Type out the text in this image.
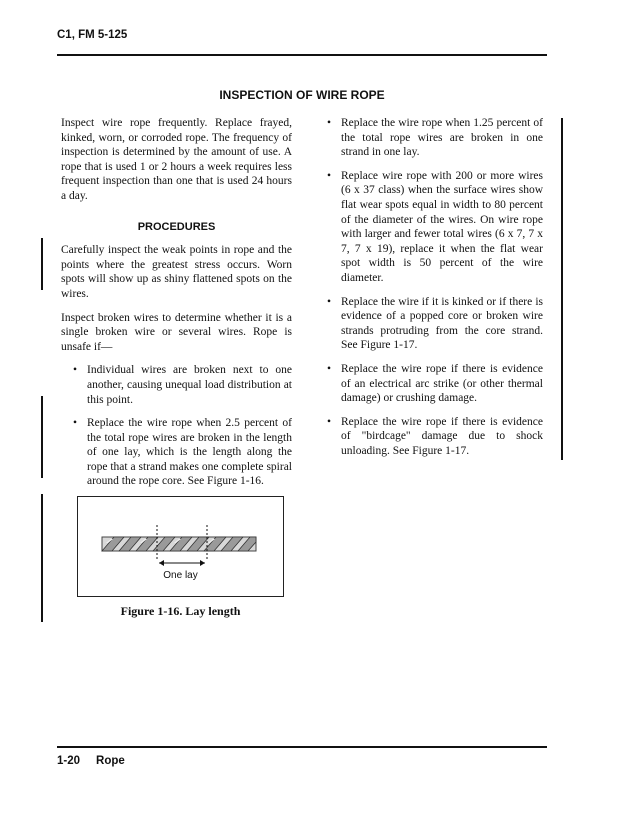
C1, FM 5-125
INSPECTION OF WIRE ROPE

Inspect wire rope frequently. Replace frayed, kinked, worn, or corroded rope. The frequency of inspection is determined by the amount of use. A rope that is used 1 or 2 hours a week requires less frequent inspection than one that is used 24 hours a day.

PROCEDURES

Carefully inspect the weak points in rope and the points where the greatest stress occurs. Worn spots will show up as shiny flattened spots on the wires.

Inspect broken wires to determine whether it is a single broken wire or several wires. Rope is unsafe if—

• Individual wires are broken next to one another, causing unequal load distribution at this point.
• Replace the wire rope when 2.5 percent of the total rope wires are broken in the length of one lay, which is the length along the rope that a strand makes one complete spiral around the rope core. See Figure 1-16.
• Replace the wire rope when 1.25 percent of the total rope wires are broken in one strand in one lay.
• Replace wire rope with 200 or more wires (6 x 37 class) when the surface wires show flat wear spots equal in width to 80 percent of the diameter of the wires. On wire rope with larger and fewer total wires (6 x 7, 7 x 7, 7 x 19), replace it when the flat wear spot width is 50 percent of the wire diameter.
• Replace the wire if it is kinked or if there is evidence of a popped core or broken wire strands protruding from the core strand. See Figure 1-17.
• Replace the wire rope if there is evidence of an electrical arc strike (or other thermal damage) or crushing damage.
• Replace the wire rope if there is evidence of "birdcage" damage due to shock unloading. See Figure 1-17.
One lay
Figure 1-16. Lay length
1-20 Rope
